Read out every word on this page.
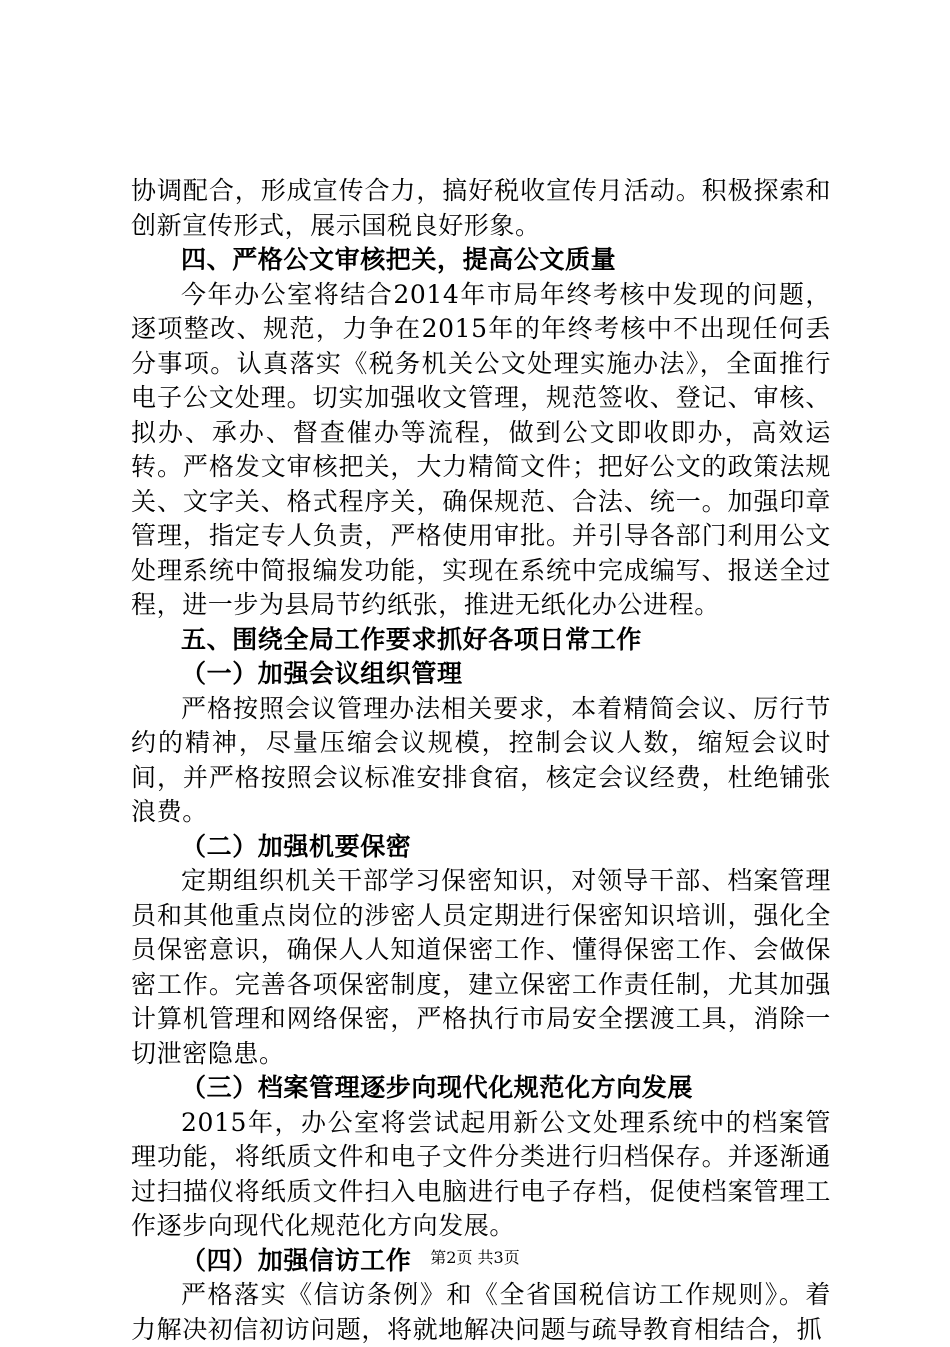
协调配合，形成宣传合力，搞好税收宣传月活动。积极探索和创新宣传形式，展示国税良好形象。

四、严格公文审核把关，提高公文质量

今年办公室将结合2014年市局年终考核中发现的问题，逐项整改、规范，力争在2015年的年终考核中不出现任何丢分事项。认真落实《税务机关公文处理实施办法》，全面推行电子公文处理。切实加强收文管理，规范签收、登记、审核、拟办、承办、督查催办等流程，做到公文即收即办，高效运转。严格发文审核把关，大力精简文件；把好公文的政策法规关、文字关、格式程序关，确保规范、合法、统一。加强印章管理，指定专人负责，严格使用审批。并引导各部门利用公文处理系统中简报编发功能，实现在系统中完成编写、报送全过程，进一步为县局节约纸张，推进无纸化办公进程。

五、围绕全局工作要求抓好各项日常工作

（一）加强会议组织管理

严格按照会议管理办法相关要求，本着精简会议、厉行节约的精神，尽量压缩会议规模，控制会议人数，缩短会议时间，并严格按照会议标准安排食宿，核定会议经费，杜绝铺张浪费。

（二）加强机要保密

定期组织机关干部学习保密知识，对领导干部、档案管理员和其他重点岗位的涉密人员定期进行保密知识培训，强化全员保密意识，确保人人知道保密工作、懂得保密工作、会做保密工作。完善各项保密制度，建立保密工作责任制，尤其加强计算机管理和网络保密，严格执行市局安全摆渡工具，消除一切泄密隐患。

（三）档案管理逐步向现代化规范化方向发展

2015年，办公室将尝试起用新公文处理系统中的档案管理功能，将纸质文件和电子文件分类进行归档保存。并逐渐通过扫描仪将纸质文件扫入电脑进行电子存档，促使档案管理工作逐步向现代化规范化方向发展。

（四）加强信访工作

严格落实《信访条例》和《全省国税信访工作规则》。着力解决初信初访问题，将就地解决问题与疏导教育相结合，抓

第2页 共3页
